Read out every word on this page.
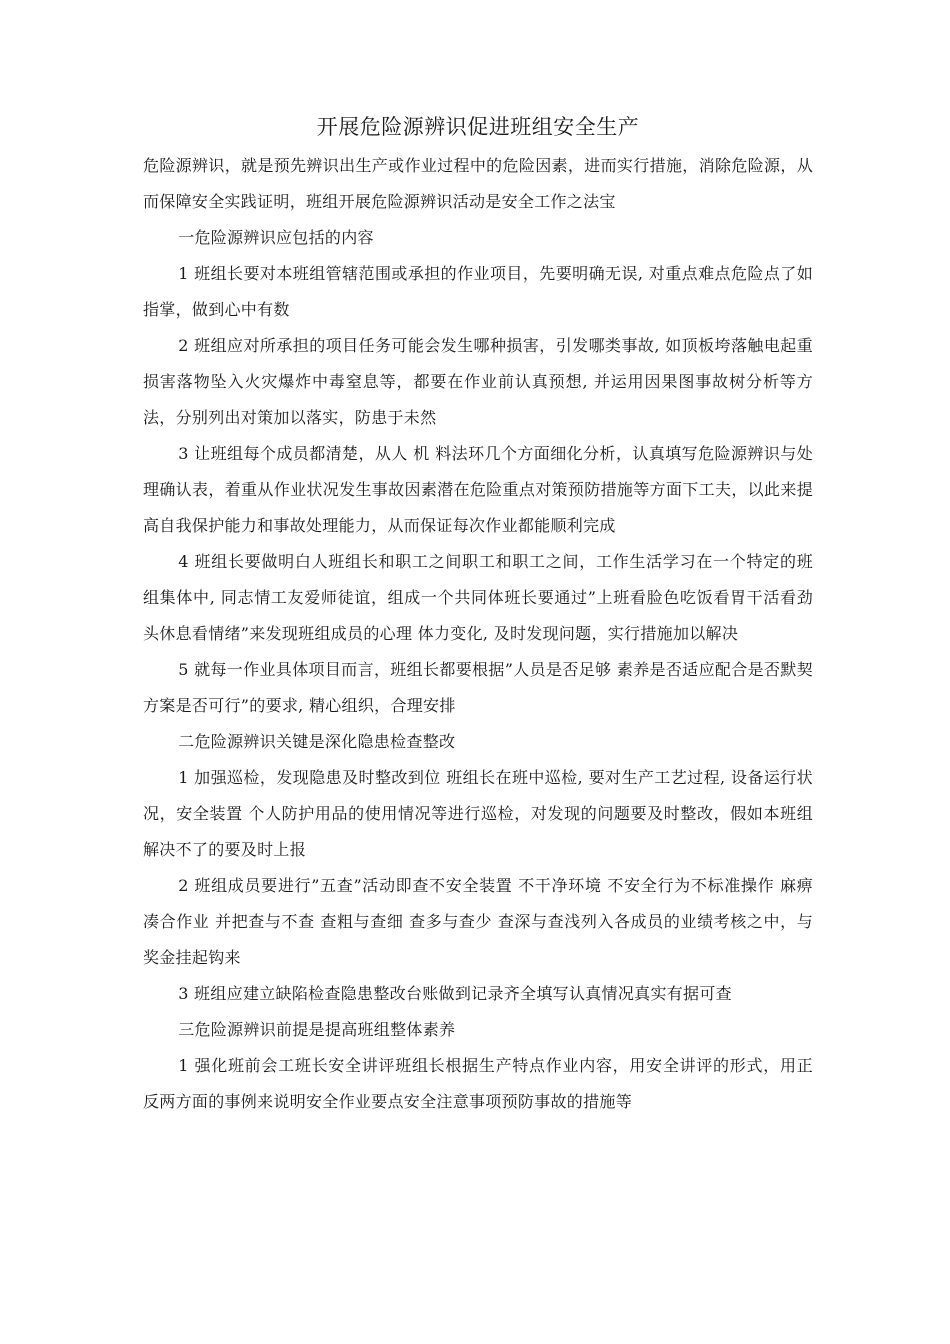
开展危险源辨识促进班组安全生产

危险源辨识，就是预先辨识出生产或作业过程中的危险因素，进而实行措施，消除危险源，从而保障安全实践证明，班组开展危险源辨识活动是安全工作之法宝

一危险源辨识应包括的内容

1 班组长要对本班组管辖范围或承担的作业项目，先要明确无误, 对重点难点危险点了如指掌，做到心中有数

2 班组应对所承担的项目任务可能会发生哪种损害，引发哪类事故, 如顶板垮落触电起重损害落物坠入火灾爆炸中毒窒息等，都要在作业前认真预想, 并运用因果图事故树分析等方法，分别列出对策加以落实，防患于未然

3 让班组每个成员都清楚，从人 机 料法环几个方面细化分析，认真填写危险源辨识与处理确认表，着重从作业状况发生事故因素潜在危险重点对策预防措施等方面下工夫，以此来提高自我保护能力和事故处理能力，从而保证每次作业都能顺利完成

4 班组长要做明白人班组长和职工之间职工和职工之间，工作生活学习在一个特定的班组集体中, 同志情工友爱师徒谊，组成一个共同体班长要通过”上班看脸色吃饭看胃干活看劲头休息看情绪”来发现班组成员的心理 体力变化, 及时发现问题，实行措施加以解决

5 就每一作业具体项目而言，班组长都要根据”人员是否足够 素养是否适应配合是否默契方案是否可行”的要求, 精心组织，合理安排

二危险源辨识关键是深化隐患检查整改

1 加强巡检，发现隐患及时整改到位 班组长在班中巡检, 要对生产工艺过程, 设备运行状况，安全装置 个人防护用品的使用情况等进行巡检，对发现的问题要及时整改，假如本班组解决不了的要及时上报

2 班组成员要进行”五查”活动即查不安全装置 不干净环境 不安全行为不标准操作 麻痹凑合作业 并把查与不查 查粗与查细 查多与查少 查深与查浅列入各成员的业绩考核之中，与奖金挂起钩来

3 班组应建立缺陷检查隐患整改台账做到记录齐全填写认真情况真实有据可查

三危险源辨识前提是提高班组整体素养

1 强化班前会工班长安全讲评班组长根据生产特点作业内容，用安全讲评的形式，用正反两方面的事例来说明安全作业要点安全注意事项预防事故的措施等
